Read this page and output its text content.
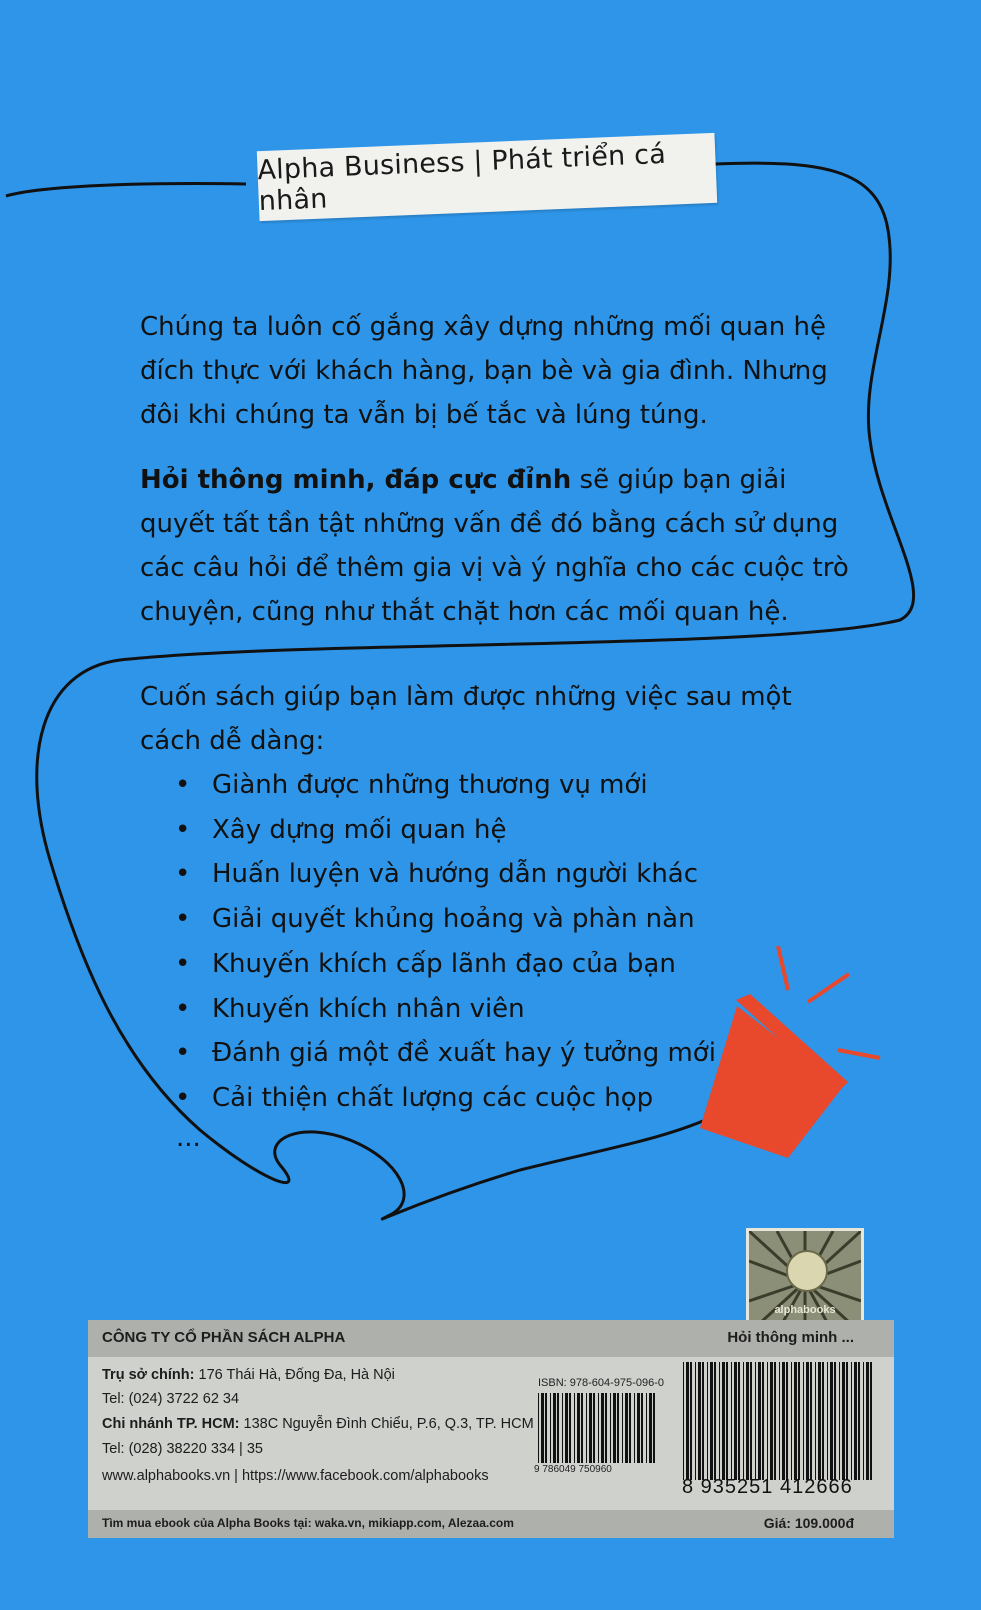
Alpha Business | Phát triển cá nhân

Chúng ta luôn cố gắng xây dựng những mối quan hệ đích thực với khách hàng, bạn bè và gia đình. Nhưng đôi khi chúng ta vẫn bị bế tắc và lúng túng.

Hỏi thông minh, đáp cực đỉnh sẽ giúp bạn giải quyết tất tần tật những vấn đề đó bằng cách sử dụng các câu hỏi để thêm gia vị và ý nghĩa cho các cuộc trò chuyện, cũng như thắt chặt hơn các mối quan hệ.

Cuốn sách giúp bạn làm được những việc sau một cách dễ dàng:

• Giành được những thương vụ mới
• Xây dựng mối quan hệ
• Huấn luyện và hướng dẫn người khác
• Giải quyết khủng hoảng và phàn nàn
• Khuyến khích cấp lãnh đạo của bạn
• Khuyến khích nhân viên
• Đánh giá một đề xuất hay ý tưởng mới
• Cải thiện chất lượng các cuộc họp
...
alphabooks
CÔNG TY CỔ PHẦN SÁCH ALPHA	Hỏi thông minh ...
Trụ sở chính: 176 Thái Hà, Đống Đa, Hà Nội
Tel: (024) 3722 62 34
Chi nhánh TP. HCM: 138C Nguyễn Đình Chiểu, P.6, Q.3, TP. HCM
Tel: (028) 38220 334 | 35
www.alphabooks.vn | https://www.facebook.com/alphabooks
ISBN: 978-604-975-096-0
9 786049 750960
8 935251 412666
Tìm mua ebook của Alpha Books tại: waka.vn, mikiapp.com, Alezaa.com	Giá: 109.000đ
